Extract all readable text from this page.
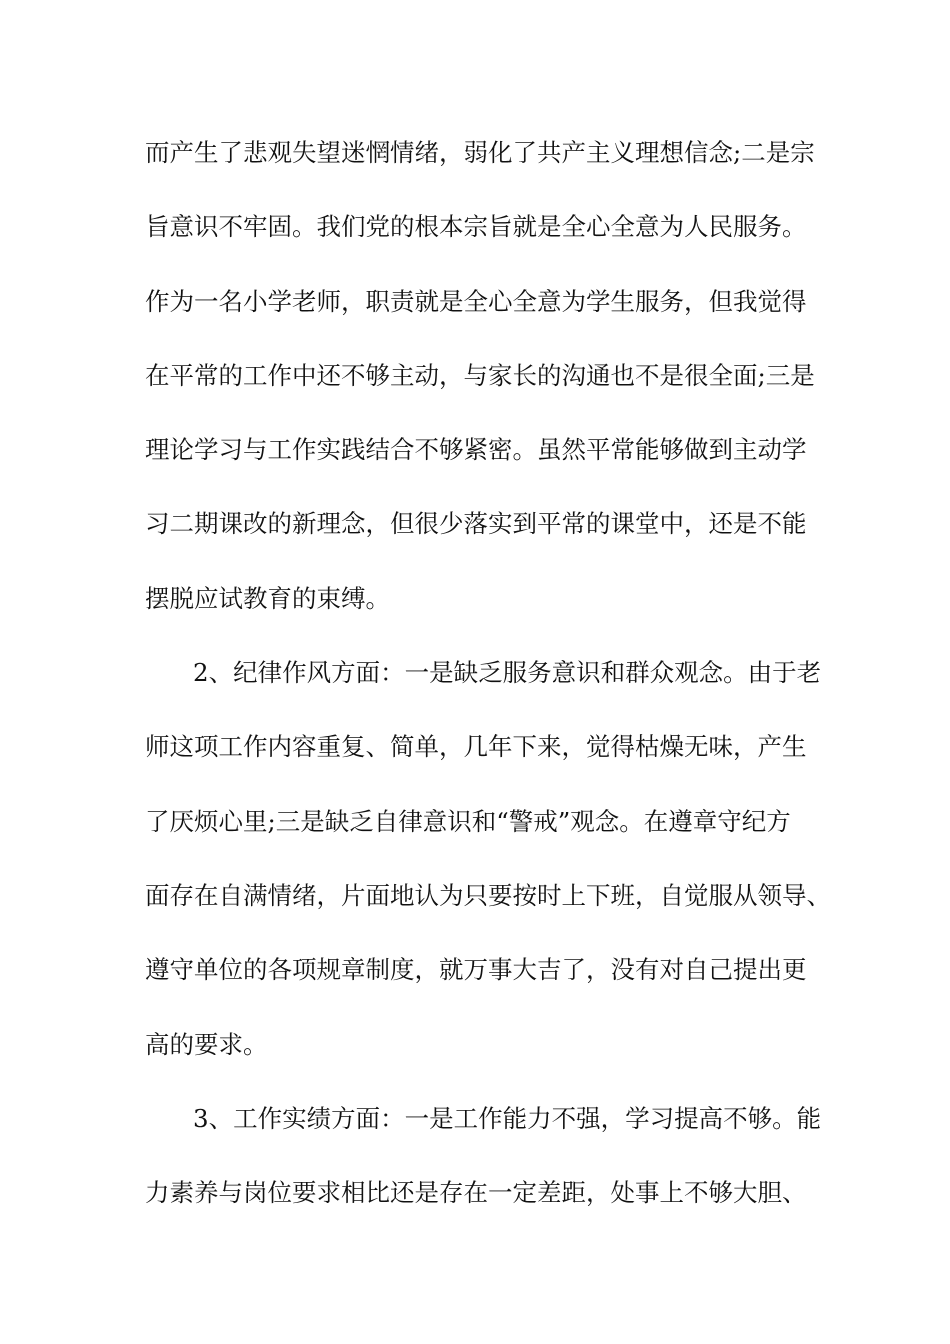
而产生了悲观失望迷惘情绪，弱化了共产主义理想信念;二是宗
旨意识不牢固。我们党的根本宗旨就是全心全意为人民服务。
作为一名小学老师，职责就是全心全意为学生服务，但我觉得
在平常的工作中还不够主动，与家长的沟通也不是很全面;三是
理论学习与工作实践结合不够紧密。虽然平常能够做到主动学
习二期课改的新理念，但很少落实到平常的课堂中，还是不能
摆脱应试教育的束缚。
2、纪律作风方面：一是缺乏服务意识和群众观念。由于老
师这项工作内容重复、简单，几年下来，觉得枯燥无味，产生
了厌烦心里;三是缺乏自律意识和“警戒”观念。在遵章守纪方
面存在自满情绪，片面地认为只要按时上下班，自觉服从领导、
遵守单位的各项规章制度，就万事大吉了，没有对自己提出更
高的要求。
3、工作实绩方面：一是工作能力不强，学习提高不够。能
力素养与岗位要求相比还是存在一定差距，处事上不够大胆、
